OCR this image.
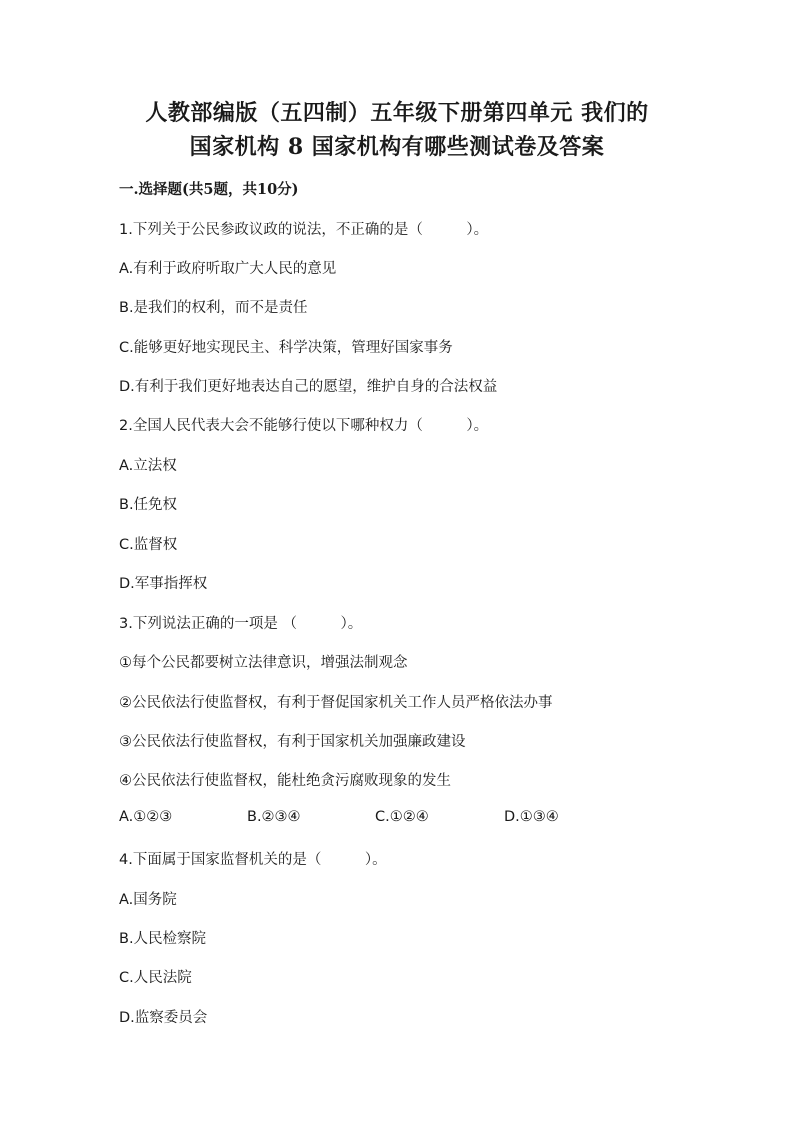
人教部编版（五四制）五年级下册第四单元 我们的
国家机构 8 国家机构有哪些测试卷及答案
一.选择题(共5题，共10分)
1.下列关于公民参政议政的说法，不正确的是（　　　）。
A.有利于政府听取广大人民的意见
B.是我们的权利，而不是责任
C.能够更好地实现民主、科学决策，管理好国家事务
D.有利于我们更好地表达自己的愿望，维护自身的合法权益
2.全国人民代表大会不能够行使以下哪种权力（　　　）。
A.立法权
B.任免权
C.监督权
D.军事指挥权
3.下列说法正确的一项是 （　　　）。
①每个公民都要树立法律意识，增强法制观念
②公民依法行使监督权，有利于督促国家机关工作人员严格依法办事
③公民依法行使监督权，有利于国家机关加强廉政建设
④公民依法行使监督权，能杜绝贪污腐败现象的发生
A.①②③	B.②③④	C.①②④	D.①③④
4.下面属于国家监督机关的是（　　　）。
A.国务院
B.人民检察院
C.人民法院
D.监察委员会
